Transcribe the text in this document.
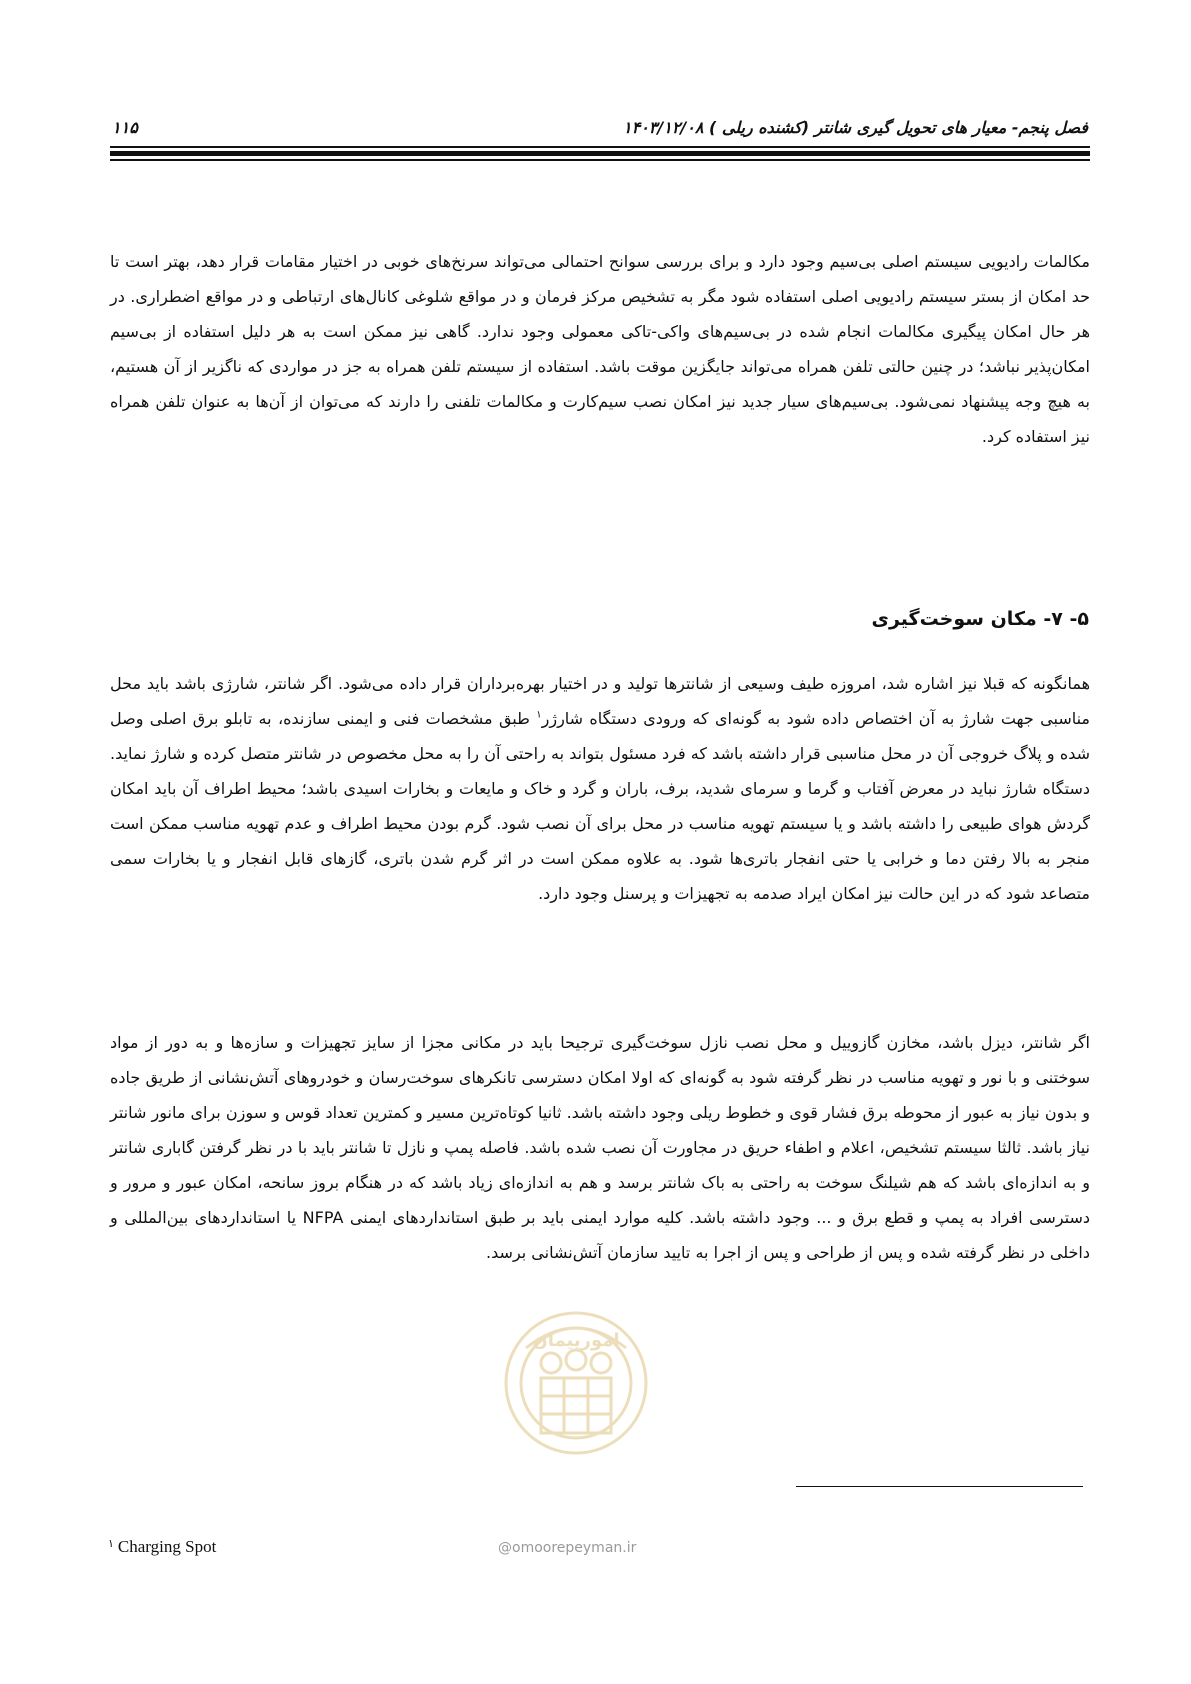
۱۱۵	فصل پنجم- معیار های تحویل گیری شانتر (کشنده ریلی ) ۱۴۰۳/۱۲/۰۸

مکالمات رادیویی سیستم اصلی بی‌سیم وجود دارد و برای بررسی سوانح احتمالی می‌تواند سرنخ‌های خوبی در اختیار مقامات قرار دهد، بهتر است تا حد امکان از بستر سیستم رادیویی اصلی استفاده شود مگر به تشخیص مرکز فرمان و در مواقع شلوغی کانال‌های ارتباطی و در مواقع اضطراری. در هر حال امکان پیگیری مکالمات انجام شده در بی‌سیم‌های واکی-تاکی معمولی وجود ندارد. گاهی نیز ممکن است به هر دلیل استفاده از بی‌سیم امکان‌پذیر نباشد؛ در چنین حالتی تلفن همراه می‌تواند جایگزین موقت باشد. استفاده از سیستم تلفن همراه به جز در مواردی که ناگزیر از آن هستیم، به هیچ وجه پیشنهاد نمی‌شود. بی‌سیم‌های سیار جدید نیز امکان نصب سیم‌کارت و مکالمات تلفنی را دارند که می‌توان از آن‌ها به عنوان تلفن همراه نیز استفاده کرد.

۵- ۷- مکان سوخت‌گیری

همانگونه که قبلا نیز اشاره شد، امروزه طیف وسیعی از شانترها تولید و در اختیار بهره‌برداران قرار داده می‌شود. اگر شانتر، شارژی باشد باید محل مناسبی جهت شارژ به آن اختصاص داده شود به گونه‌ای که ورودی دستگاه شارژر$^۱$ طبق مشخصات فنی و ایمنی سازنده، به تابلو برق اصلی وصل شده و پلاگ خروجی آن در محل مناسبی قرار داشته باشد که فرد مسئول بتواند به راحتی آن را به محل مخصوص در شانتر متصل کرده و شارژ نماید. دستگاه شارژ نباید در معرض آفتاب و گرما و سرمای شدید، برف، باران و گرد و خاک و مایعات و بخارات اسیدی باشد؛ محیط اطراف آن باید امکان گردش هوای طبیعی را داشته باشد و یا سیستم تهویه مناسب در محل برای آن نصب شود. گرم بودن محیط اطراف و عدم تهویه مناسب ممکن است منجر به بالا رفتن دما و خرابی یا حتی انفجار باتری‌ها شود. به علاوه ممکن است در اثر گرم شدن باتری، گازهای قابل انفجار و یا بخارات سمی متصاعد شود که در این حالت نیز امکان ایراد صدمه به تجهیزات و پرسنل وجود دارد.

اگر شانتر، دیزل باشد، مخازن گازوییل و محل نصب نازل سوخت‌گیری ترجیحا باید در مکانی مجزا از سایز تجهیزات و سازه‌ها و به دور از مواد سوختنی و با نور و تهویه مناسب در نظر گرفته شود به گونه‌ای که اولا امکان دسترسی تانکرهای سوخت‌رسان و خودروهای آتش‌نشانی از طریق جاده و بدون نیاز به عبور از محوطه برق فشار قوی و خطوط ریلی وجود داشته باشد. ثانیا کوتاه‌ترین مسیر و کمترین تعداد قوس و سوزن برای مانور شانتر نیاز باشد. ثالثا سیستم تشخیص، اعلام و اطفاء حریق در مجاورت آن نصب شده باشد. فاصله پمپ و نازل تا شانتر باید با در نظر گرفتن گاباری شانتر و به اندازه‌ای باشد که هم شیلنگ سوخت به راحتی به باک شانتر برسد و هم به اندازه‌ای زیاد باشد که در هنگام بروز سانحه، امکان عبور و مرور و دسترسی افراد به پمپ و قطع برق و ... وجود داشته باشد. کلیه موارد ایمنی باید بر طبق استانداردهای ایمنی NFPA یا استانداردهای بین‌المللی و داخلی در نظر گرفته شده و پس از طراحی و پس از اجرا به تایید سازمان آتش‌نشانی برسد.

امورپیمان
@omoorepeyman.ir
$^۱$ Charging Spot
